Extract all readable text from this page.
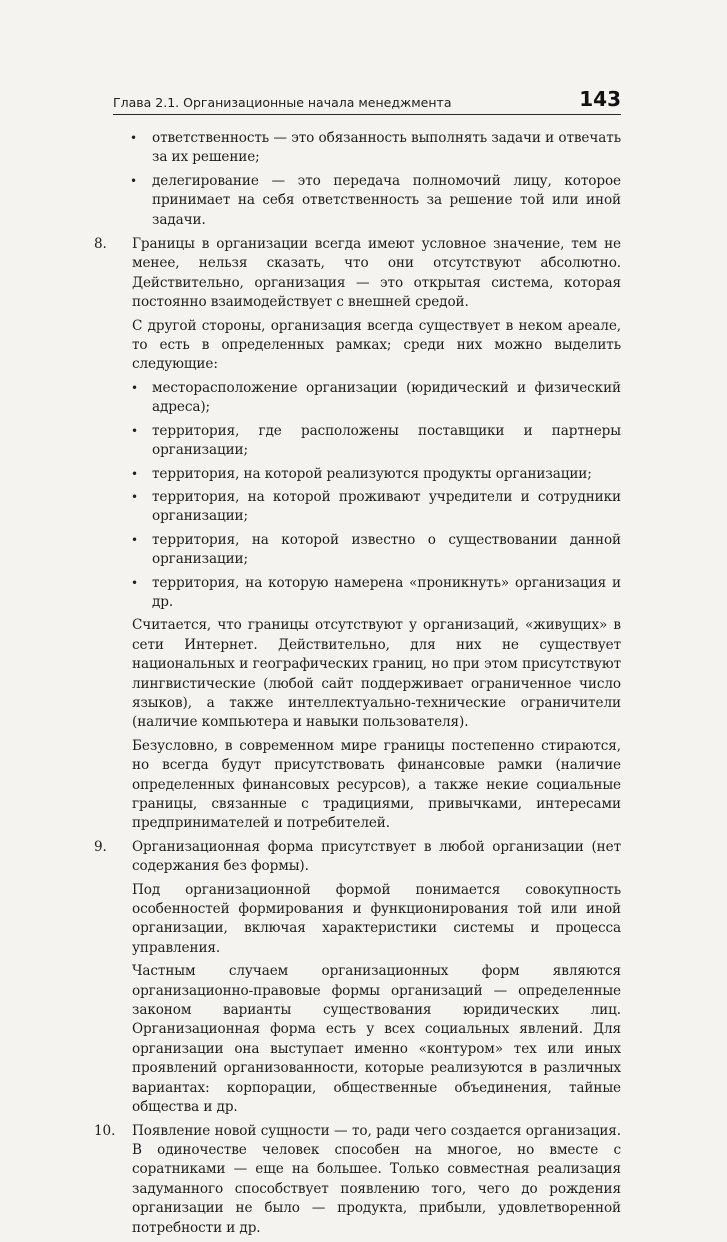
Глава 2.1. Организационные начала менеджмента	143
• ответственность — это обязанность выполнять задачи и отвечать за их решение;
• делегирование — это передача полномочий лицу, которое принимает на себя ответственность за решение той или иной задачи.
8.	Границы в организации всегда имеют условное значение, тем не менее, нельзя сказать, что они отсутствуют абсолютно. Действительно, организация — это открытая система, которая постоянно взаимодействует с внешней средой.

С другой стороны, организация всегда существует в неком ареале, то есть в определенных рамках; среди них можно выделить следующие:

• месторасположение организации (юридический и физический адреса);
• территория, где расположены поставщики и партнеры организации;
• территория, на которой реализуются продукты организации;
• территория, на которой проживают учредители и сотрудники организации;
• территория, на которой известно о существовании данной организации;
• территория, на которую намерена «проникнуть» организация и др.

Считается, что границы отсутствуют у организаций, «живущих» в сети Интернет. Действительно, для них не существует национальных и географических границ, но при этом присутствуют лингвистические (любой сайт поддерживает ограниченное число языков), а также интеллектуально-технические ограничители (наличие компьютера и навыки пользователя).

Безусловно, в современном мире границы постепенно стираются, но всегда будут присутствовать финансовые рамки (наличие определенных финансовых ресурсов), а также некие социальные границы, связанные с традициями, привычками, интересами предпринимателей и потребителей.

9.	Организационная форма присутствует в любой организации (нет содержания без формы).

Под организационной формой понимается совокупность особенностей формирования и функционирования той или иной организации, включая характеристики системы и процесса управления.

Частным случаем организационных форм являются организационно-правовые формы организаций — определенные законом варианты существования юридических лиц. Организационная форма есть у всех социальных явлений. Для организации она выступает именно «контуром» тех или иных проявлений организованности, которые реализуются в различных вариантах: корпорации, общественные объединения, тайные общества и др.

10.	Появление новой сущности — то, ради чего создается организация. В одиночестве человек способен на многое, но вместе с соратниками — еще на большее. Только совместная реализация задуманного способствует появлению того, чего до рождения организации не было — продукта, прибыли, удовлетворенной потребности и др.
